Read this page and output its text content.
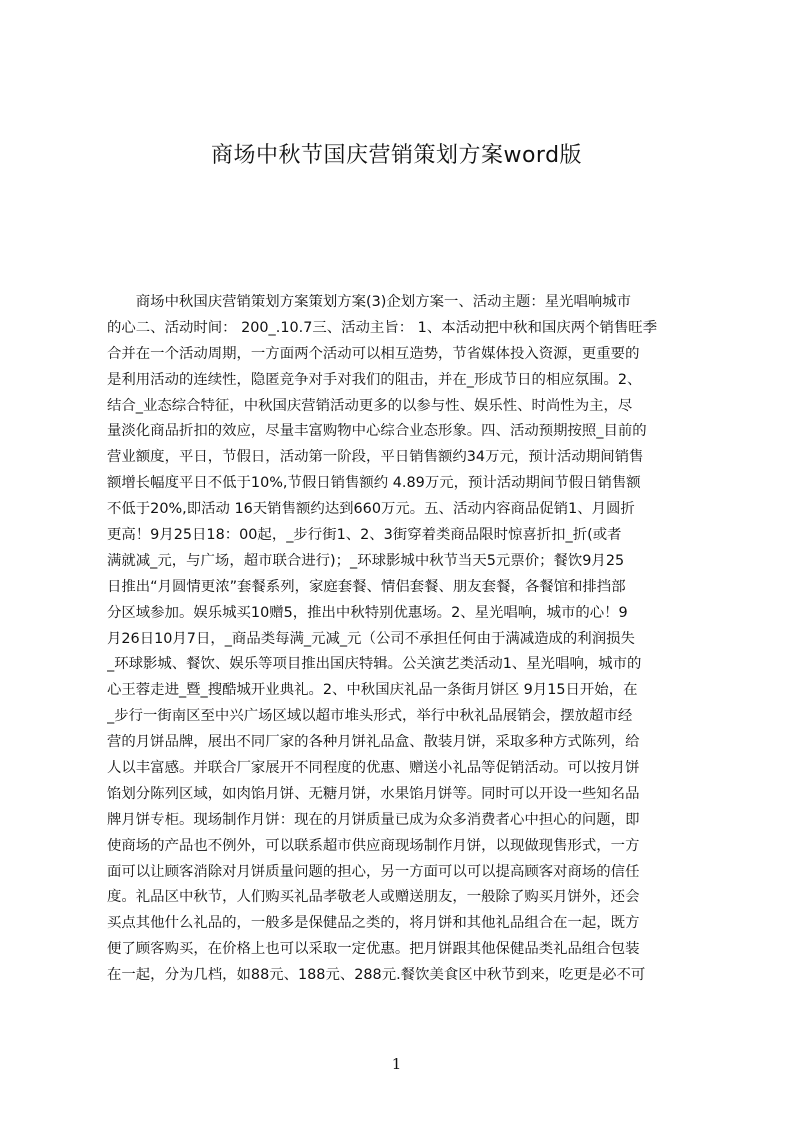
商场中秋节国庆营销策划方案word版
　　商场中秋国庆营销策划方案策划方案(3)企划方案一、活动主题：星光唱响城市
的心二、活动时间： 200_.10.7三、活动主旨： 1、本活动把中秋和国庆两个销售旺季
合并在一个活动周期，一方面两个活动可以相互造势，节省媒体投入资源，更重要的
是利用活动的连续性，隐匿竞争对手对我们的阻击，并在_形成节日的相应氛围。2、
结合_业态综合特征，中秋国庆营销活动更多的以参与性、娱乐性、时尚性为主，尽
量淡化商品折扣的效应，尽量丰富购物中心综合业态形象。四、活动预期按照_目前的
营业额度，平日，节假日，活动第一阶段，平日销售额约34万元，预计活动期间销售
额增长幅度平日不低于10%,节假日销售额约 4.89万元，预计活动期间节假日销售额
不低于20%,即活动 16天销售额约达到660万元。五、活动内容商品促销1、月圆折
更高！9月25日18：00起，_步行街1、2、3街穿着类商品限时惊喜折扣_折(或者
满就减_元，与广场，超市联合进行)；_环球影城中秋节当天5元票价；餐饮9月25
日推出“月圆情更浓”套餐系列，家庭套餐、情侣套餐、朋友套餐，各餐馆和排挡部
分区域参加。娱乐城买10赠5，推出中秋特别优惠场。2、星光唱响，城市的心！9
月26日10月7日，_商品类每满_元减_元（公司不承担任何由于满减造成的利润损失
_环球影城、餐饮、娱乐等项目推出国庆特辑。公关演艺类活动1、星光唱响，城市的
心王蓉走进_暨_搜酷城开业典礼。2、中秋国庆礼品一条街月饼区 9月15日开始，在
_步行一街南区至中兴广场区域以超市堆头形式，举行中秋礼品展销会，摆放超市经
营的月饼品牌，展出不同厂家的各种月饼礼品盒、散装月饼，采取多种方式陈列，给
人以丰富感。并联合厂家展开不同程度的优惠、赠送小礼品等促销活动。可以按月饼
馅划分陈列区域，如肉馅月饼、无糖月饼，水果馅月饼等。同时可以开设一些知名品
牌月饼专柜。现场制作月饼：现在的月饼质量已成为众多消费者心中担心的问题，即
使商场的产品也不例外，可以联系超市供应商现场制作月饼，以现做现售形式，一方
面可以让顾客消除对月饼质量问题的担心，另一方面可以可以提高顾客对商场的信任
度。礼品区中秋节，人们购买礼品孝敬老人或赠送朋友，一般除了购买月饼外，还会
买点其他什么礼品的，一般多是保健品之类的，将月饼和其他礼品组合在一起，既方
便了顾客购买，在价格上也可以采取一定优惠。把月饼跟其他保健品类礼品组合包装
在一起，分为几档，如88元、188元、288元.餐饮美食区中秋节到来，吃更是必不可
1
